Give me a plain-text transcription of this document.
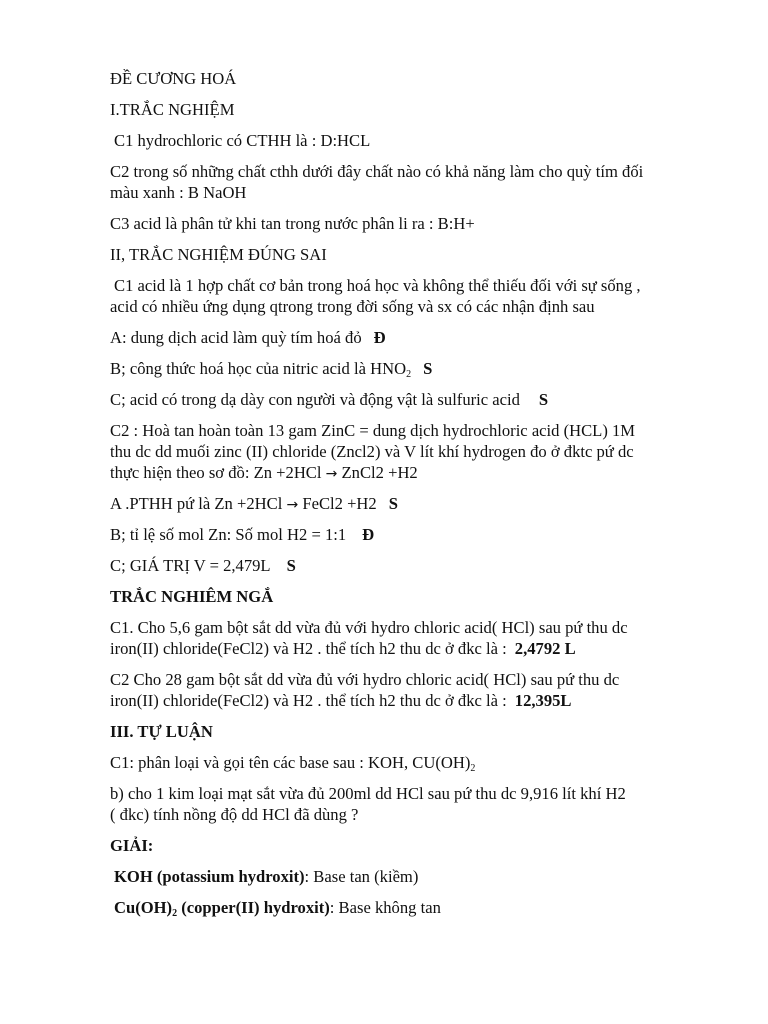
ĐỀ CƯƠNG HOÁ
I.TRẮC NGHIỆM
C1 hydrochloric có CTHH là : D:HCL
C2 trong số những chất cthh dưới đây chất nào có khả năng làm cho quỳ tím đối
màu xanh : B NaOH
C3 acid là phân tử khi tan trong nước phân li ra : B:H+
II, TRẮC NGHIỆM ĐÚNG SAI
C1 acid là 1 hợp chất cơ bản trong hoá học và không thể thiếu đối với sự sống ,
acid có nhiều ứng dụng qtrong trong đời sống và sx có các nhận định sau
A: dung dịch acid làm quỳ tím hoá đỏ Đ
B; công thức hoá học của nitric acid là $HNO_2$ S
C; acid có trong dạ dày con người và động vật là sulfuric acid S
C2 : Hoà tan hoàn toàn 13 gam ZinC = dung dịch hydrochloric acid (HCL) 1M
thu dc dd muối zinc (II) chloride (Zncl2) và V lít khí hydrogen đo ở đktc pứ dc
thực hiện theo sơ đồ: Zn +2HCl → ZnCl2 +H2
A .PTHH pứ là Zn +2HCl → FeCl2 +H2 S
B; tỉ lệ số mol Zn: Số mol H2 = 1:1 Đ
C; GIÁ TRỊ V = 2,479L S
TRẮC NGHIÊM NGẮ
C1. Cho 5,6 gam bột sắt dd vừa đủ với hydro chloric acid( HCl) sau pứ thu dc
iron(II) chloride(FeCl2) và H2 . thể tích h2 thu dc ở đkc là : 2,4792 L
C2 Cho 28 gam bột sắt dd vừa đủ với hydro chloric acid( HCl) sau pứ thu dc
iron(II) chloride(FeCl2) và H2 . thể tích h2 thu dc ở đkc là : 12,395L
III. TỰ LUẬN
C1: phân loại và gọi tên các base sau : KOH, $CU(OH)_2$
b) cho 1 kim loại mạt sắt vừa đủ 200ml dd HCl sau pứ thu dc 9,916 lít khí H2
( đkc) tính nồng độ dd HCl đã dùng ?
GIẢI:
KOH (potassium hydroxit): Base tan (kiềm)
$Cu(OH)_2$ (copper(II) hydroxit): Base không tan
